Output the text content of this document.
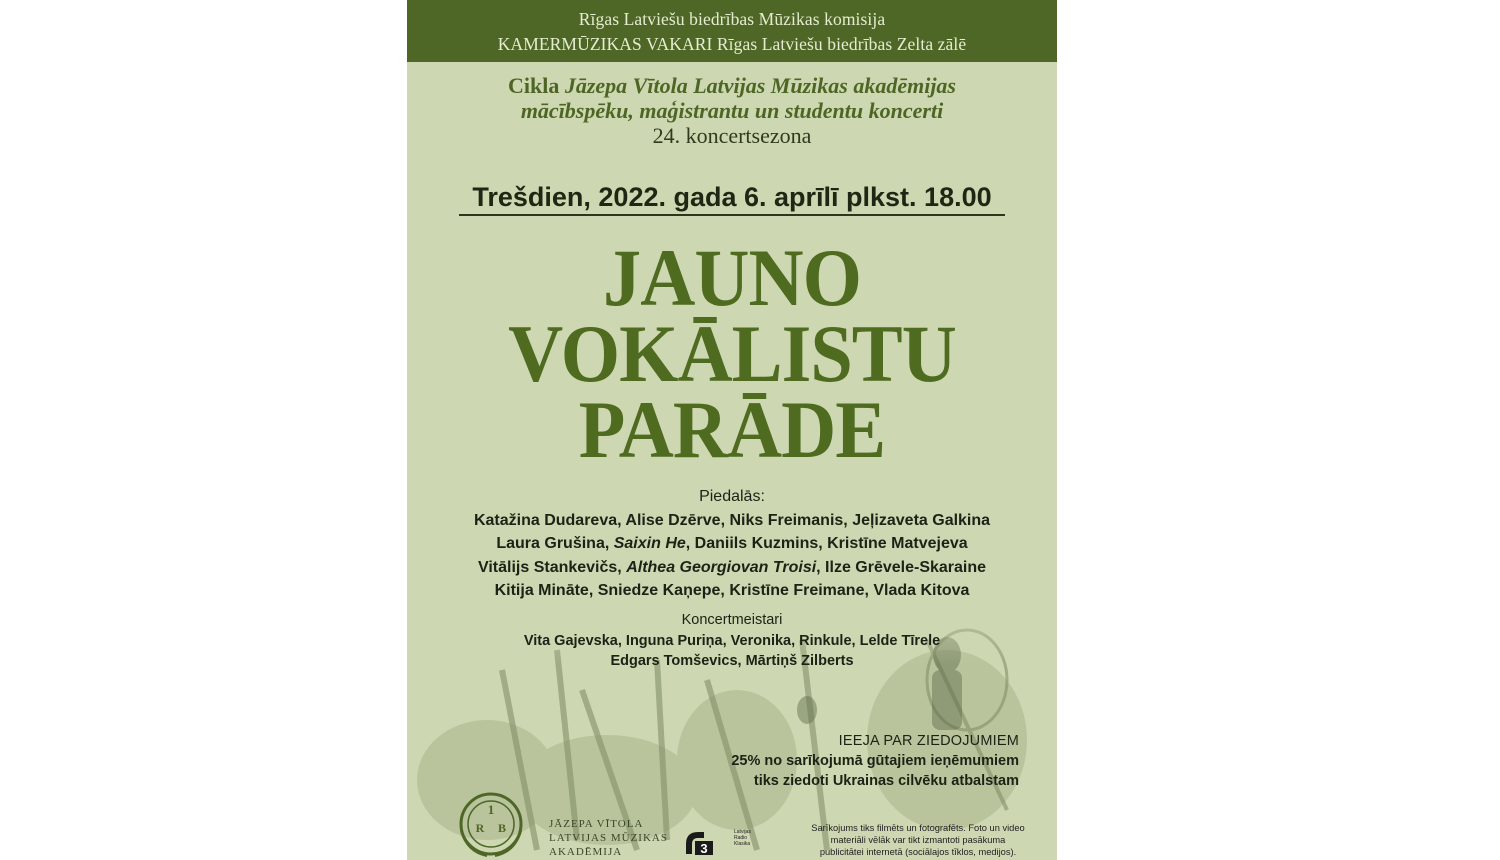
Rīgas Latviešu biedrības Mūzikas komisija
KAMERMŪZIKAS VAKARI Rīgas Latviešu biedrības Zelta zālē
Cikla Jāzepa Vītola Latvijas Mūzikas akadēmijas
mācībspēku, maģistrantu un studentu koncerti
24. koncertsezona
Trešdien, 2022. gada 6. aprīlī plkst. 18.00
JAUNO
VOKĀLISTU
PARĀDE
Piedalās:
Katažina Dudareva, Alise Dzērve, Niks Freimanis, Jeļizaveta Galkina
Laura Grušina, Saixin He, Daniils Kuzmins, Kristīne Matvejeva
Vitālijs Stankevičs, Althea Georgiovan Troisi, Ilze Grēvele-Skaraine
Kitija Mināte, Sniedze Kaņepe, Kristīne Freimane, Vlada Kitova
Koncertmeistari
Vita Gajevska, Inguna Puriņa, Veronika, Rinkule, Lelde Tīrele
Edgars Tomševics, Mārtiņš Zilberts
IEEJA PAR ZIEDOJUMIEM
25% no sarīkojumā gūtajiem ieņēmumiem
tiks ziedoti Ukrainas cilvēku atbalstam
1
R B	JĀZEPA VĪTOLA
LATVIJAS MŪZIKAS
AKADĒMIJA	3
Latvijas
Radio
Klasika
Sarīkojums tiks filmēts un fotografēts. Foto un video
materiāli vēlāk var tikt izmantoti pasākuma
publicitātei internetā (sociālajos tīklos, medijos).
